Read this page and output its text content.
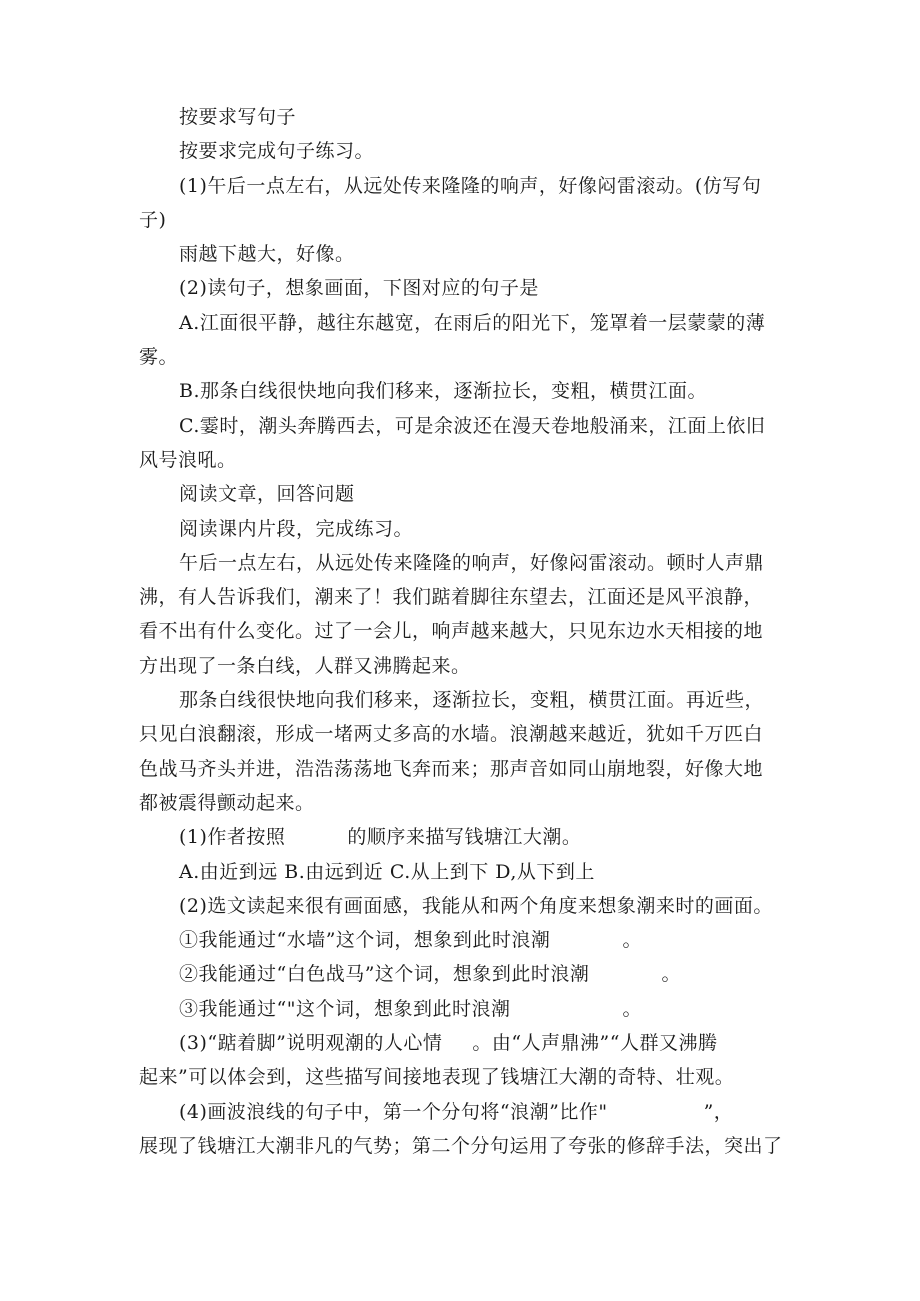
按要求写句子
按要求完成句子练习。
(1)午后一点左右，从远处传来隆隆的响声，好像闷雷滚动。(仿写句
子)
雨越下越大，好像。
(2)读句子，想象画面，下图对应的句子是
A.江面很平静，越往东越宽，在雨后的阳光下，笼罩着一层蒙蒙的薄
雾。
B.那条白线很快地向我们移来，逐渐拉长，变粗，横贯江面。
C.霎时，潮头奔腾西去，可是余波还在漫天卷地般涌来，江面上依旧
风号浪吼。
阅读文章，回答问题
阅读课内片段，完成练习。
午后一点左右，从远处传来隆隆的响声，好像闷雷滚动。顿时人声鼎
沸，有人告诉我们，潮来了！我们踮着脚往东望去，江面还是风平浪静，
看不出有什么变化。过了一会儿，响声越来越大，只见东边水天相接的地
方出现了一条白线，人群又沸腾起来。
那条白线很快地向我们移来，逐渐拉长，变粗，横贯江面。再近些，
只见白浪翻滚，形成一堵两丈多高的水墙。浪潮越来越近，犹如千万匹白
色战马齐头并进，浩浩荡荡地飞奔而来；那声音如同山崩地裂，好像大地
都被震得颤动起来。
(1)作者按照	的顺序来描写钱塘江大潮。
A.由近到远 B.由远到近 C.从上到下 D,从下到上
(2)选文读起来很有画面感，我能从和两个角度来想象潮来时的画面。
①我能通过“水墙”这个词，想象到此时浪潮	。
②我能通过“白色战马”这个词，想象到此时浪潮	。
③我能通过“"这个词，想象到此时浪潮	。
(3)“踮着脚”说明观潮的人心情 。由“人声鼎沸”“人群又沸腾
起来”可以体会到，这些描写间接地表现了钱塘江大潮的奇特、壮观。
(4)画波浪线的句子中，第一个分句将“浪潮”比作"	”，
展现了钱塘江大潮非凡的气势；第二个分句运用了夸张的修辞手法，突出了
